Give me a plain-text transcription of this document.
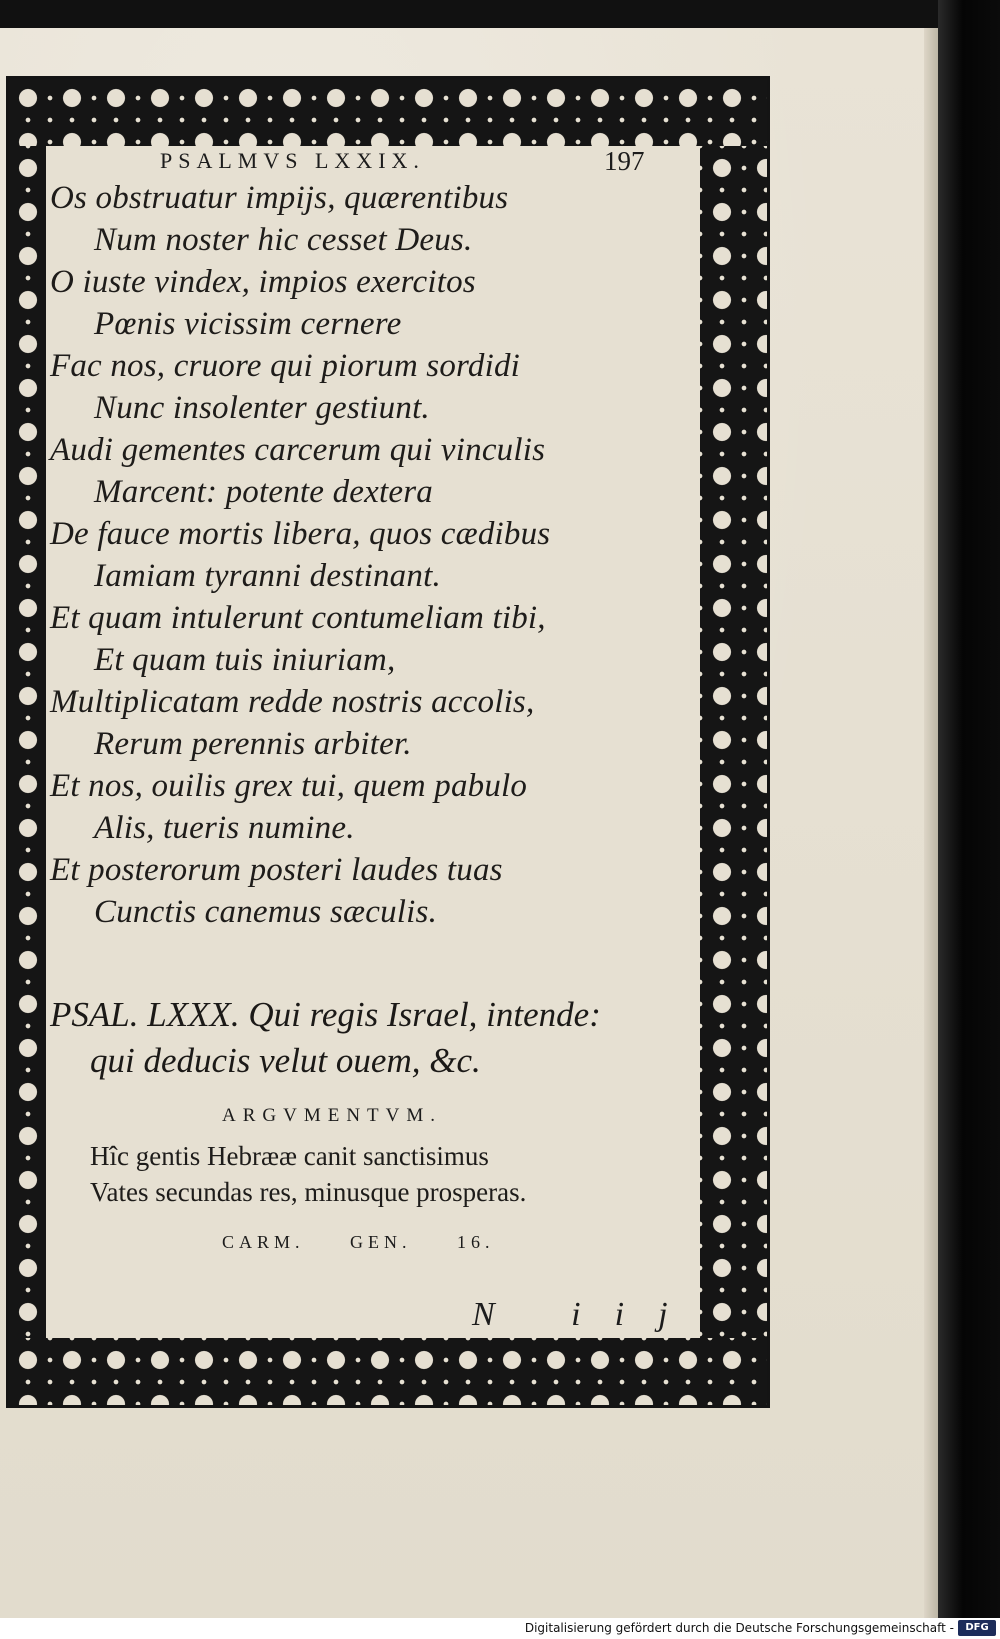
PSALMVS LXXIX.	197
Os obstruatur impijs, quærentibus
Num noster hic cesset Deus.
O iuste vindex, impios exercitos
Pœnis vicissim cernere
Fac nos, cruore qui piorum sordidi
Nunc insolenter gestiunt.
Audi gementes carcerum qui vinculis
Marcent: potente dextera
De fauce mortis libera, quos cædibus
Iamiam tyranni destinant.
Et quam intulerunt contumeliam tibi,
Et quam tuis iniuriam,
Multiplicatam redde nostris accolis,
Rerum perennis arbiter.
Et nos, ouilis grex tui, quem pabulo
Alis, tueris numine.
Et posterorum posteri laudes tuas
Cunctis canemus sæculis.
PSAL. LXXX. Qui regis Israel, intende:
qui deducis velut ouem, &c.
ARGVMENTVM.
Hîc gentis Hebrææ canit sanctisimus
Vates secundas res, minusque prosperas.
CARM.	GEN.	16.
N iij
Digitalisierung gefördert durch die Deutsche Forschungsgemeinschaft -	DFG
